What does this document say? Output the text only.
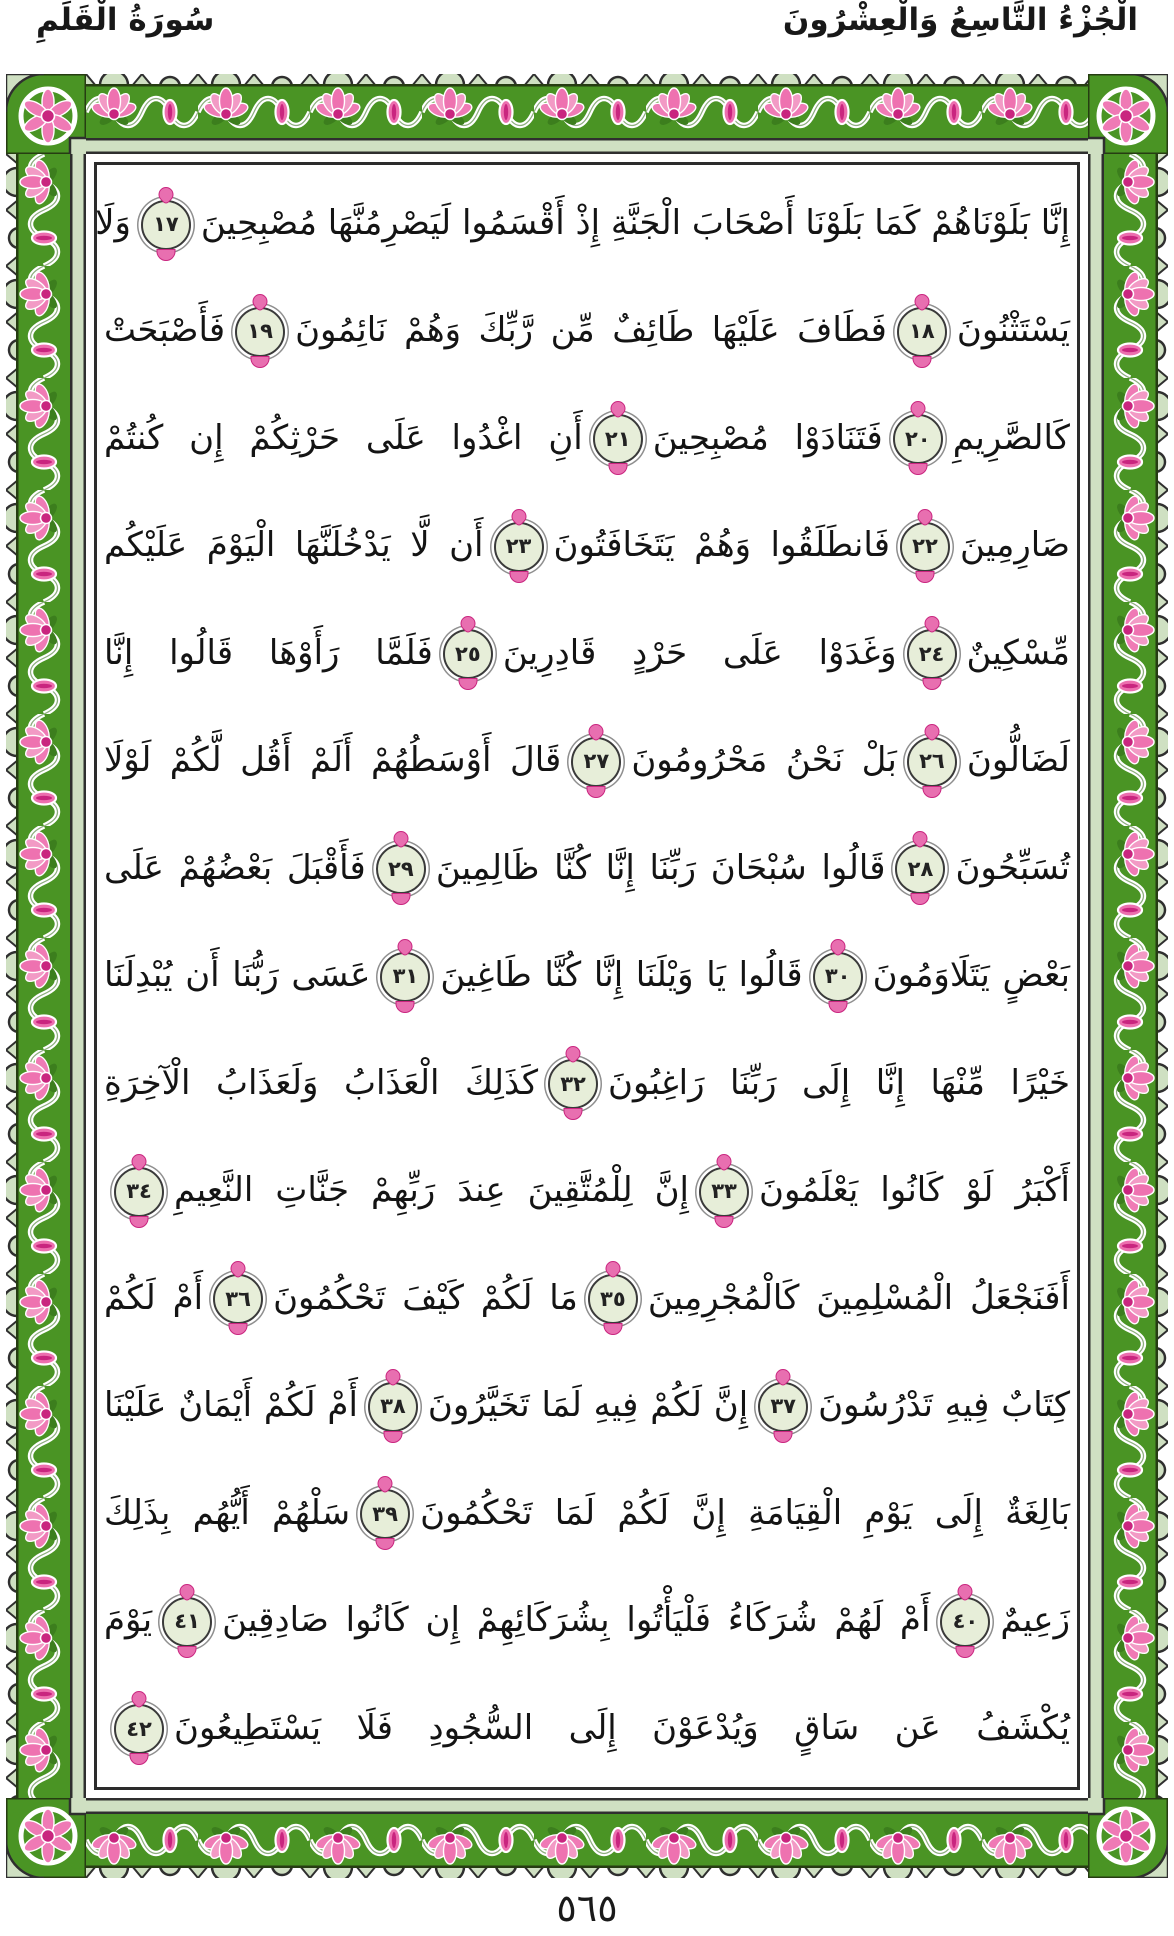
الْجُزْءُ التَّاسِعُ وَالْعِشْرُونَ
سُورَةُ الْقَلَمِ
إِنَّا بَلَوْنَاهُمْ كَمَا بَلَوْنَا أَصْحَابَ الْجَنَّةِ إِذْ أَقْسَمُوا لَيَصْرِمُنَّهَا مُصْبِحِينَ
١٧
وَلَا
يَسْتَثْنُونَ
١٨
فَطَافَ عَلَيْهَا طَائِفٌ مِّن رَّبِّكَ وَهُمْ نَائِمُونَ
١٩
فَأَصْبَحَتْ
كَالصَّرِيمِ
٢٠
فَتَنَادَوْا مُصْبِحِينَ
٢١
أَنِ اغْدُوا عَلَى حَرْثِكُمْ إِن كُنتُمْ
صَارِمِينَ
٢٢
فَانطَلَقُوا وَهُمْ يَتَخَافَتُونَ
٢٣
أَن لَّا يَدْخُلَنَّهَا الْيَوْمَ عَلَيْكُم
مِّسْكِينٌ
٢٤
وَغَدَوْا عَلَى حَرْدٍ قَادِرِينَ
٢٥
فَلَمَّا رَأَوْهَا قَالُوا إِنَّا
لَضَالُّونَ
٢٦
بَلْ نَحْنُ مَحْرُومُونَ
٢٧
قَالَ أَوْسَطُهُمْ أَلَمْ أَقُل لَّكُمْ لَوْلَا
تُسَبِّحُونَ
٢٨
قَالُوا سُبْحَانَ رَبِّنَا إِنَّا كُنَّا ظَالِمِينَ
٢٩
فَأَقْبَلَ بَعْضُهُمْ عَلَى
بَعْضٍ يَتَلَاوَمُونَ
٣٠
قَالُوا يَا وَيْلَنَا إِنَّا كُنَّا طَاغِينَ
٣١
عَسَى رَبُّنَا أَن يُبْدِلَنَا
خَيْرًا مِّنْهَا إِنَّا إِلَى رَبِّنَا رَاغِبُونَ
٣٢
كَذَلِكَ الْعَذَابُ وَلَعَذَابُ الْآخِرَةِ
أَكْبَرُ لَوْ كَانُوا يَعْلَمُونَ
٣٣
إِنَّ لِلْمُتَّقِينَ عِندَ رَبِّهِمْ جَنَّاتِ النَّعِيمِ
٣٤
أَفَنَجْعَلُ الْمُسْلِمِينَ كَالْمُجْرِمِينَ
٣٥
مَا لَكُمْ كَيْفَ تَحْكُمُونَ
٣٦
أَمْ لَكُمْ
كِتَابٌ فِيهِ تَدْرُسُونَ
٣٧
إِنَّ لَكُمْ فِيهِ لَمَا تَخَيَّرُونَ
٣٨
أَمْ لَكُمْ أَيْمَانٌ عَلَيْنَا
بَالِغَةٌ إِلَى يَوْمِ الْقِيَامَةِ إِنَّ لَكُمْ لَمَا تَحْكُمُونَ
٣٩
سَلْهُمْ أَيُّهُم بِذَلِكَ
زَعِيمٌ
٤٠
أَمْ لَهُمْ شُرَكَاءُ فَلْيَأْتُوا بِشُرَكَائِهِمْ إِن كَانُوا صَادِقِينَ
٤١
يَوْمَ
يُكْشَفُ عَن سَاقٍ وَيُدْعَوْنَ إِلَى السُّجُودِ فَلَا يَسْتَطِيعُونَ
٤٢
٥٦٥
